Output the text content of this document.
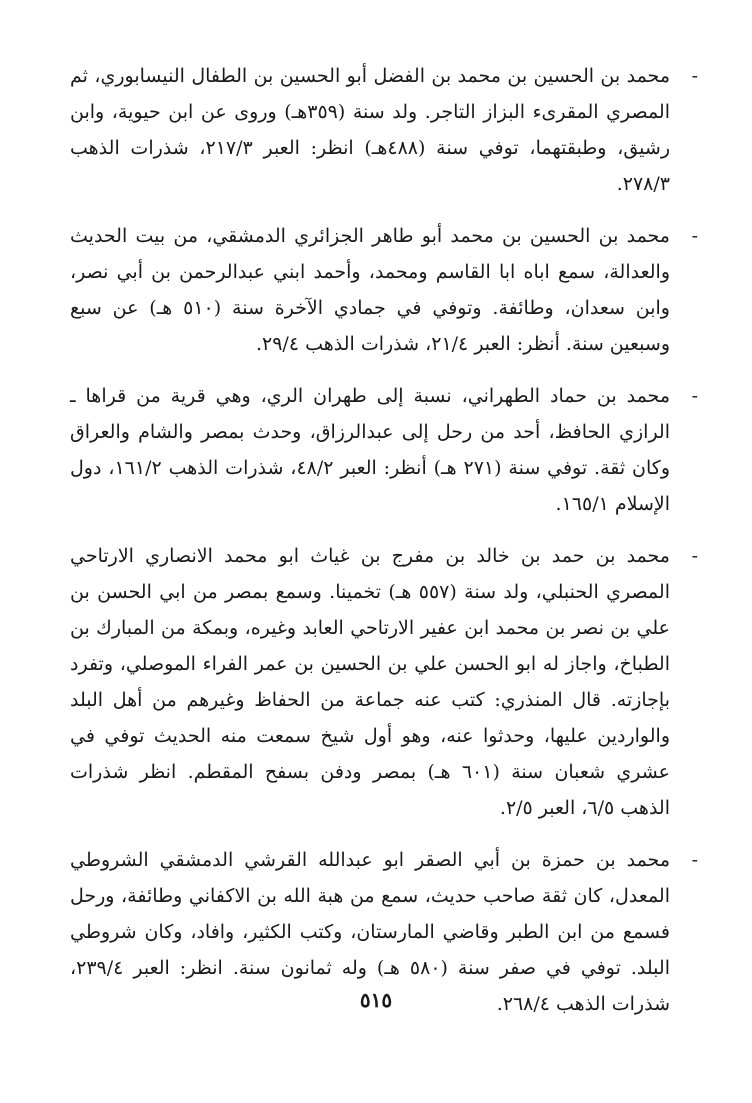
-
محمد بن الحسين بن محمد بن الفضل أبو الحسين بن الطفال النيسابوري، ثم المصري المقرىء البزاز التاجر. ولد سنة (٣٥٩هـ) وروى عن ابن حيوية، وابن رشيق، وطبقتهما، توفي سنة (٤٨٨هـ) انظر: العبر ٢١٧/٣، شذرات الذهب ٢٧٨/٣.
-
محمد بن الحسين بن محمد أبو طاهر الجزائري الدمشقي، من بيت الحديث والعدالة، سمع اباه ابا القاسم ومحمد، وأحمد ابني عبدالرحمن بن أبي نصر، وابن سعدان، وطائفة. وتوفي في جمادي الآخرة سنة (٥١٠ هـ) عن سبع وسبعين سنة. أنظر: العبر ٢١/٤، شذرات الذهب ٢٩/٤.
-
محمد بن حماد الطهراني، نسبة إلى طهران الري، وهي قرية من قراها ـ الرازي الحافظ، أحد من رحل إلى عبدالرزاق، وحدث بمصر والشام والعراق وكان ثقة. توفي سنة (٢٧١ هـ) أنظر: العبر ٤٨/٢، شذرات الذهب ١٦١/٢، دول الإسلام ١٦٥/١.
-
محمد بن حمد بن خالد بن مفرج بن غياث ابو محمد الانصاري الارتاحي المصري الحنبلي، ولد سنة (٥٥٧ هـ) تخمينا. وسمع بمصر من ابي الحسن بن علي بن نصر بن محمد ابن عفير الارتاحي العابد وغيره، وبمكة من المبارك بن الطباخ، واجاز له ابو الحسن علي بن الحسين بن عمر الفراء الموصلي، وتفرد بإجازته. قال المنذري: كتب عنه جماعة من الحفاظ وغيرهم من أهل البلد والواردين عليها، وحدثوا عنه، وهو أول شيخ سمعت منه الحديث توفي في عشري شعبان سنة (٦٠١ هـ) بمصر ودفن بسفح المقطم. انظر شذرات الذهب ٦/٥، العبر ٢/٥.
-
محمد بن حمزة بن أبي الصقر ابو عبدالله القرشي الدمشقي الشروطي المعدل، كان ثقة صاحب حديث، سمع من هبة الله بن الاكفاني وطائفة، ورحل فسمع من ابن الطبر وقاضي المارستان، وكتب الكثير، وافاد، وكان شروطي البلد. توفي في صفر سنة (٥٨٠ هـ) وله ثمانون سنة. انظر: العبر ٢٣٩/٤، شذرات الذهب ٢٦٨/٤.
٥١٥
